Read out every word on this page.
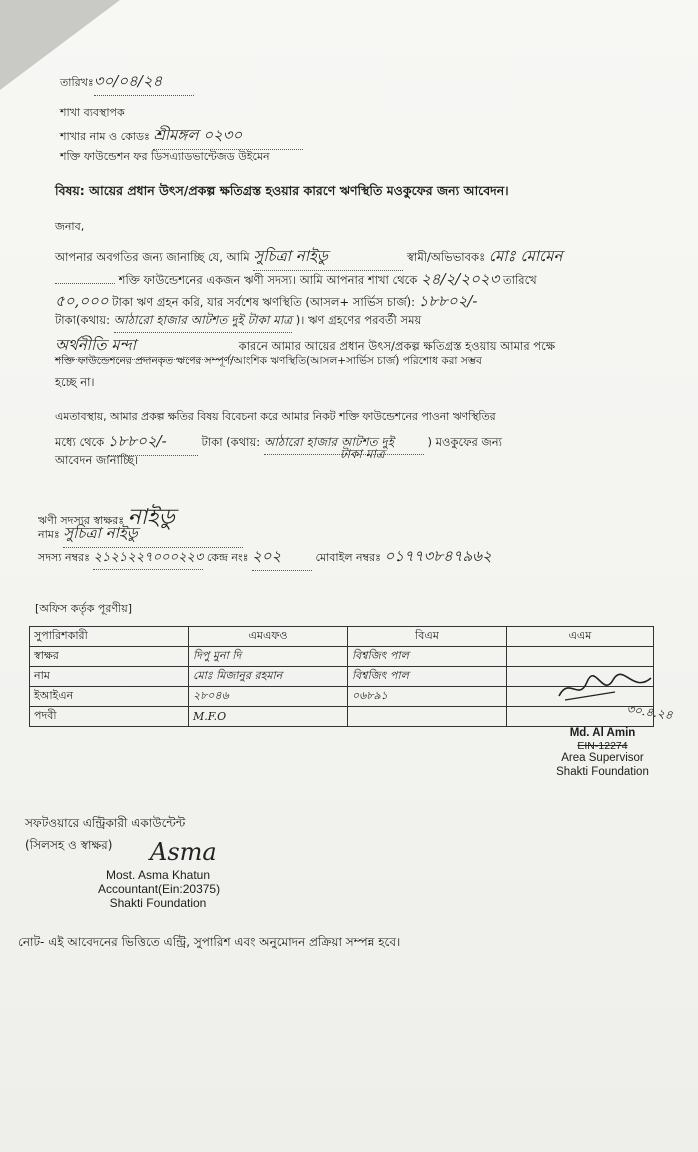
তারিখঃ৩০/০৪/২৪
শাখা ব্যবস্থাপক
শাখার নাম ও কোডঃ শ্রীমঙ্গল ০২৩০
শক্তি ফাউন্ডেশন ফর ডিসএ্যাডভান্টেজড উইমেন
বিষয়: আয়ের প্রধান উৎস/প্রকল্প ক্ষতিগ্রস্ত হওয়ার কারণে ঋণস্থিতি মওকুফের জন্য আবেদন।
জনাব,
আপনার অবগতির জন্য জানাচ্ছি যে, আমি সুচিত্রা নাইডু	স্বামী/অভিভাবকঃ মোঃ মোমেন
শক্তি ফাউন্ডেশনের একজন ঋণী সদস্য। আমি আপনার শাখা থেকে ২৪/২/২০২৩ তারিখে
৫০,০০০ টাকা ঋণ গ্রহন করি, যার সর্বশেষ ঋণস্থিতি (আসল+ সার্ভিস চার্জ): ১৮৮০২/-
টাকা(কথায়: আঠারো হাজার আটশত দুই টাকা মাত্র )। ঋণ গ্রহণের পরবর্তী সময়
অর্থনীতি মন্দা	কারনে আমার আয়ের প্রধান উৎস/প্রকল্প ক্ষতিগ্রস্ত হওয়ায় আমার পক্ষে
শক্তি ফাউন্ডেশনের প্রদানকৃত ঋণের সম্পূর্ণ/আংশিক ঋণস্থিতি(আসল+সার্ভিস চার্জ) পরিশোধ করা সম্ভব
হচ্ছে না।
এমতাবস্থায়, আমার প্রকল্প ক্ষতির বিষয় বিবেচনা করে আমার নিকট শক্তি ফাউন্ডেশনের পাওনা ঋণস্থিতির
মধ্যে থেকে ১৮৮০২/-	টাকা (কথায়: আঠারো হাজার আটশত দুই	) মওকুফের জন্য
টাকা মাত্র
আবেদন জানাচ্ছি।
ঋণী সদস্যর স্বাক্ষরঃ নাইডু
নামঃ সুচিত্রা নাইডু
সদস্য নম্বরঃ ২১২১২২৭০০০২২৩ কেন্দ্র নংঃ ২০২	মোবাইল নম্বরঃ ০১৭৭৩৮৪৭৯৬২
[অফিস কর্তৃক পূরণীয়]
সুপারিশকারী	এমএফও	বিএম	এএম
স্বাক্ষর	দিপু মুনা দি	বিশ্বজিৎ পাল	
নাম	মোঃ মিজানুর রহমান	বিশ্বজিৎ পাল	
ইআইএন	২৮০৪৬	০৬৮৯১	
পদবী	M.F.O			৩০.৪.২৪
Md. Al Amin
EIN-12274
Area Supervisor
Shakti Foundation
সফটওয়ারে এন্ট্রিকারী একাউন্টেন্ট
(সিলসহ ও স্বাক্ষর) Asma
Most. Asma Khatun
Accountant(Ein:20375)
Shakti Foundation
নোট- এই আবেদনের ভিত্তিতে এন্ট্রি, সুপারিশ এবং অনুমোদন প্রক্রিয়া সম্পন্ন হবে।
